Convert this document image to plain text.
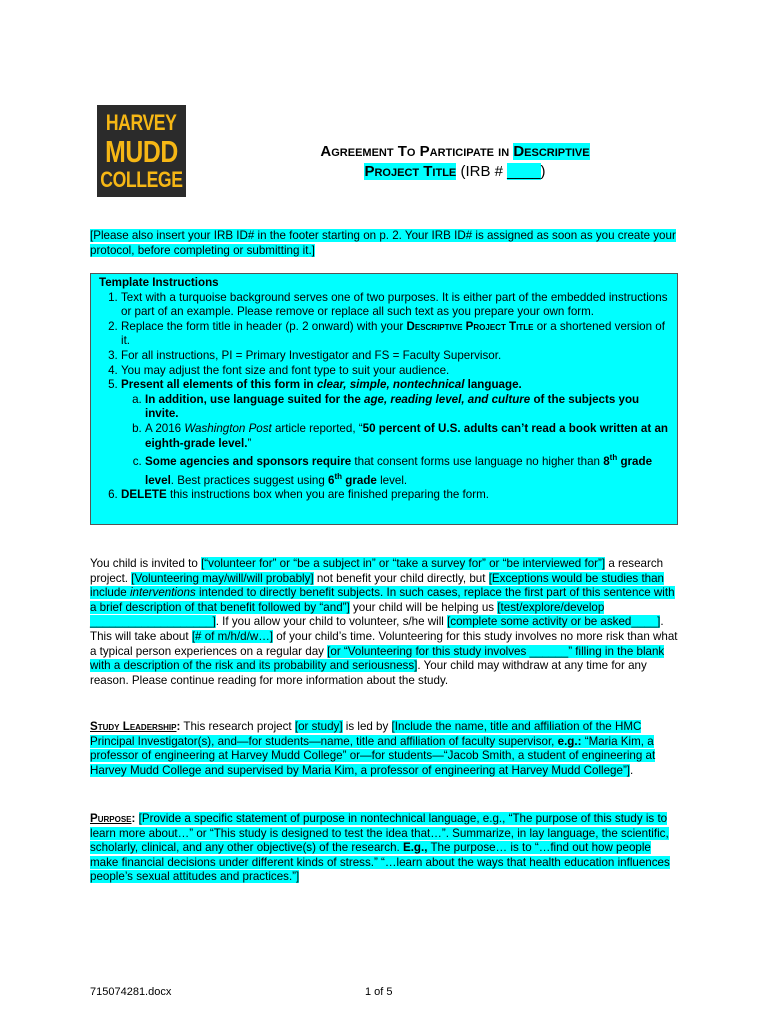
HARVEY
MUDD
COLLEGE
Agreement To Participate in Descriptive
Project Title (IRB # ____)

[Please also insert your IRB ID# in the footer starting on p. 2. Your IRB ID# is assigned as soon as you create your protocol, before completing or submitting it.]

Template Instructions
1. Text with a turquoise background serves one of two purposes. It is either part of the embedded instructions or part of an example. Please remove or replace all such text as you prepare your own form.
2. Replace the form title in header (p. 2 onward) with your Descriptive Project Title or a shortened version of it.
3. For all instructions, PI = Primary Investigator and FS = Faculty Supervisor.
4. You may adjust the font size and font type to suit your audience.
5. Present all elements of this form in clear, simple, nontechnical language.
a. In addition, use language suited for the age, reading level, and culture of the subjects you invite.
b. A 2016 Washington Post article reported, “50 percent of U.S. adults can’t read a book written at an eighth-grade level.”
c. Some agencies and sponsors require that consent forms use language no higher than 8th grade level. Best practices suggest using 6th grade level.
6. DELETE this instructions box when you are finished preparing the form.

You child is invited to [“volunteer for” or “be a subject in” or “take a survey for” or “be interviewed for”] a research project. [Volunteering may/will/will probably] not benefit your child directly, but [Exceptions would be studies than include interventions intended to directly benefit subjects. In such cases, replace the first part of this sentence with a brief description of that benefit followed by “and”] your child will be helping us [test/explore/develop ___________________]. If you allow your child to volunteer, s/he will [complete some activity or be asked____]. This will take about [# of m/h/d/w…] of your child’s time. Volunteering for this study involves no more risk than what a typical person experiences on a regular day [or “Volunteering for this study involves ______” filling in the blank with a description of the risk and its probability and seriousness]. Your child may withdraw at any time for any reason. Please continue reading for more information about the study.

Study Leadership: This research project [or study] is led by [Include the name, title and affiliation of the HMC Principal Investigator(s), and—for students—name, title and affiliation of faculty supervisor, e.g.: “Maria Kim, a professor of engineering at Harvey Mudd College” or—for students—“Jacob Smith, a student of engineering at Harvey Mudd College and supervised by Maria Kim, a professor of engineering at Harvey Mudd College”].

Purpose: [Provide a specific statement of purpose in nontechnical language, e.g., “The purpose of this study is to learn more about…” or “This study is designed to test the idea that…”. Summarize, in lay language, the scientific, scholarly, clinical, and any other objective(s) of the research. E.g., The purpose… is to “…find out how people make financial decisions under different kinds of stress.” “…learn about the ways that health education influences people’s sexual attitudes and practices.”]

715074281.docx	1 of 5
